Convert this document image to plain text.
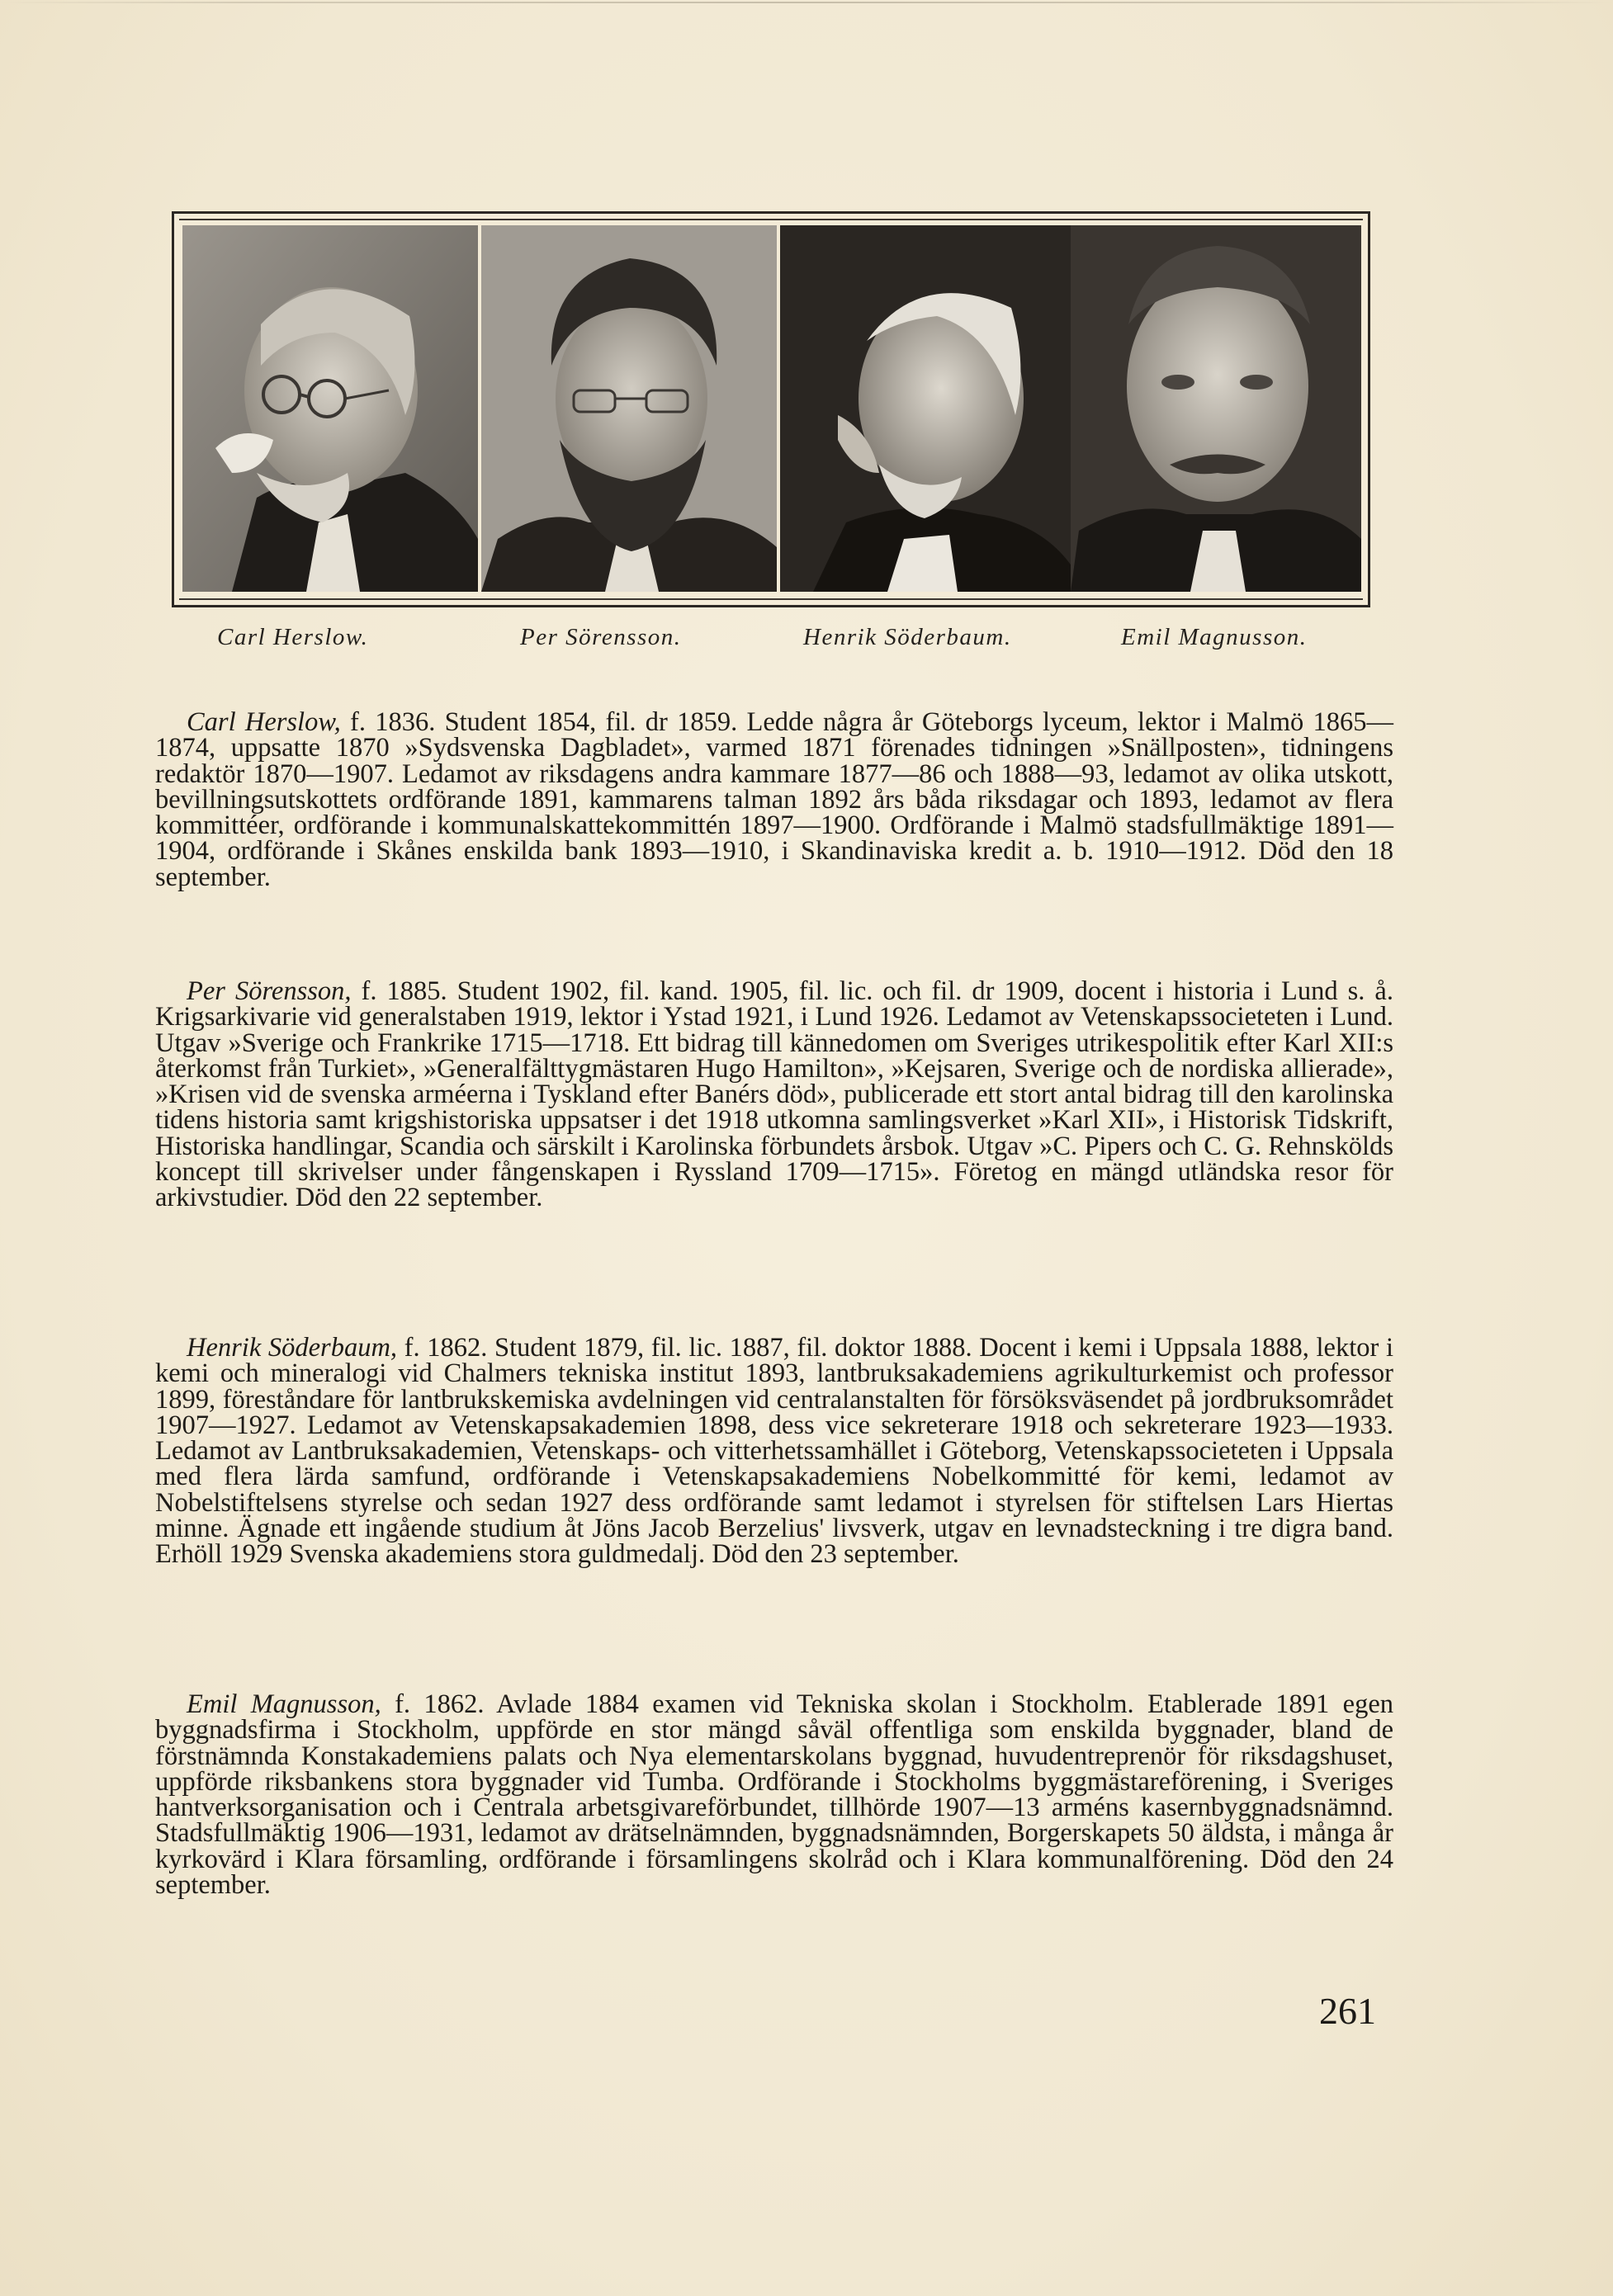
Carl Herslow.	Per Sörensson.	Henrik Söderbaum.	Emil Magnusson.

Carl Herslow, f. 1836. Student 1854, fil. dr 1859. Ledde några år Göteborgs lyceum, lektor i Malmö 1865—1874, uppsatte 1870 »Sydsvenska Dagbladet», varmed 1871 förenades tidningen »Snällposten», tidningens redaktör 1870—1907. Ledamot av riksdagens andra kammare 1877—86 och 1888—93, ledamot av olika utskott, bevillningsutskottets ordförande 1891, kammarens talman 1892 års båda riksdagar och 1893, ledamot av flera kommittéer, ordförande i kommunalskattekommittén 1897—1900. Ordförande i Malmö stadsfullmäktige 1891—1904, ordförande i Skånes enskilda bank 1893—1910, i Skandinaviska kredit a. b. 1910—1912. Död den 18 september.

Per Sörensson, f. 1885. Student 1902, fil. kand. 1905, fil. lic. och fil. dr 1909, docent i historia i Lund s. å. Krigsarkivarie vid generalstaben 1919, lektor i Ystad 1921, i Lund 1926. Ledamot av Vetenskapssocieteten i Lund. Utgav »Sverige och Frankrike 1715—1718. Ett bidrag till kännedomen om Sveriges utrikespolitik efter Karl XII:s återkomst från Turkiet», »Generalfälttygmästaren Hugo Hamilton», »Kejsaren, Sverige och de nordiska allierade», »Krisen vid de svenska arméerna i Tyskland efter Banérs död», publicerade ett stort antal bidrag till den karolinska tidens historia samt krigshistoriska uppsatser i det 1918 utkomna samlingsverket »Karl XII», i Historisk Tidskrift, Historiska handlingar, Scandia och särskilt i Karolinska förbundets årsbok. Utgav »C. Pipers och C. G. Rehnskölds koncept till skrivelser under fångenskapen i Ryssland 1709—1715». Företog en mängd utländska resor för arkivstudier. Död den 22 september.

Henrik Söderbaum, f. 1862. Student 1879, fil. lic. 1887, fil. doktor 1888. Docent i kemi i Uppsala 1888, lektor i kemi och mineralogi vid Chalmers tekniska institut 1893, lantbruksakademiens agrikulturkemist och professor 1899, föreståndare för lantbrukskemiska avdelningen vid centralanstalten för försöksväsendet på jordbruksområdet 1907—1927. Ledamot av Vetenskapsakademien 1898, dess vice sekreterare 1918 och sekreterare 1923—1933. Ledamot av Lantbruksakademien, Vetenskaps- och vitterhetssamhället i Göteborg, Vetenskapssocieteten i Uppsala med flera lärda samfund, ordförande i Vetenskapsakademiens Nobelkommitté för kemi, ledamot av Nobelstiftelsens styrelse och sedan 1927 dess ordförande samt ledamot i styrelsen för stiftelsen Lars Hiertas minne. Ägnade ett ingående studium åt Jöns Jacob Berzelius' livsverk, utgav en levnadsteckning i tre digra band. Erhöll 1929 Svenska akademiens stora guldmedalj. Död den 23 september.

Emil Magnusson, f. 1862. Avlade 1884 examen vid Tekniska skolan i Stockholm. Etablerade 1891 egen byggnadsfirma i Stockholm, uppförde en stor mängd såväl offentliga som enskilda byggnader, bland de förstnämnda Konstakademiens palats och Nya elementarskolans byggnad, huvudentreprenör för riksdagshuset, uppförde riksbankens stora byggnader vid Tumba. Ordförande i Stockholms byggmästareförening, i Sveriges hantverksorganisation och i Centrala arbetsgivareförbundet, tillhörde 1907—13 arméns kasernbyggnadsnämnd. Stadsfullmäktig 1906—1931, ledamot av drätselnämnden, byggnadsnämnden, Borgerskapets 50 äldsta, i många år kyrkovärd i Klara församling, ordförande i församlingens skolråd och i Klara kommunalförening. Död den 24 september.

261
